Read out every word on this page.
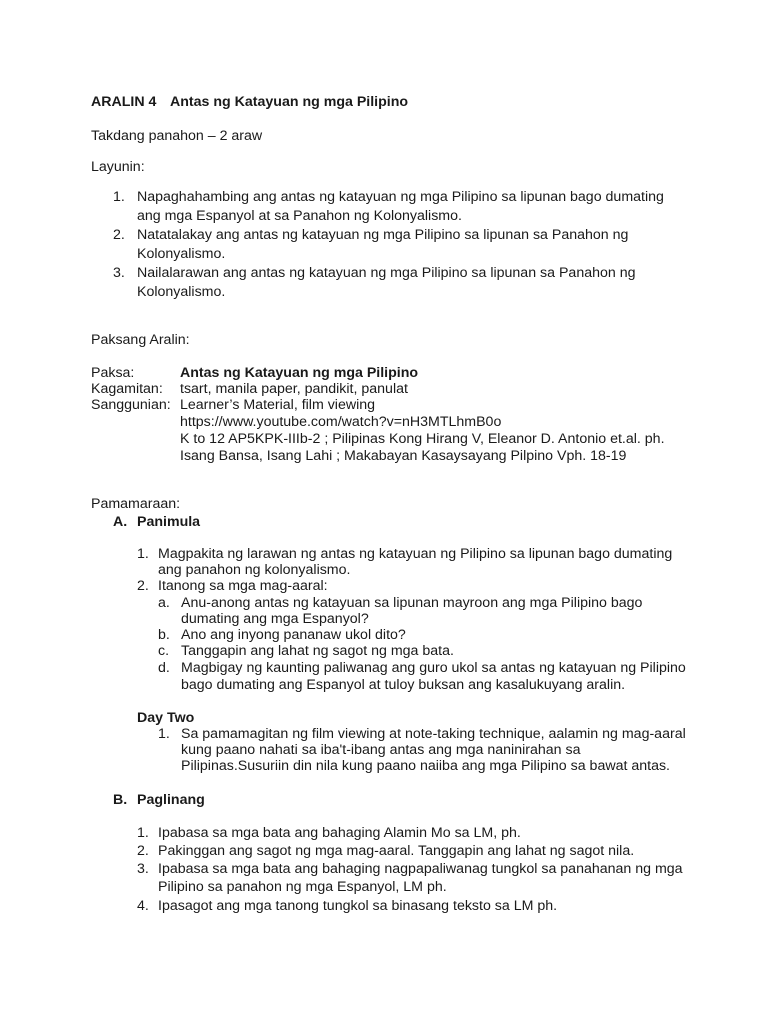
ARALIN 4 Antas ng Katayuan ng mga Pilipino
Takdang panahon – 2 araw
Layunin:
1. Napaghahambing ang antas ng katayuan ng mga Pilipino sa lipunan bago dumating
ang mga Espanyol at sa Panahon ng Kolonyalismo.
2. Natatalakay ang antas ng katayuan ng mga Pilipino sa lipunan sa Panahon ng
Kolonyalismo.
3. Nailalarawan ang antas ng katayuan ng mga Pilipino sa lipunan sa Panahon ng
Kolonyalismo.
Paksang Aralin:
Paksa:	Antas ng Katayuan ng mga Pilipino
Kagamitan: tsart, manila paper, pandikit, panulat
Sanggunian: Learner’s Material, film viewing
https://www.youtube.com/watch?v=nH3MTLhmB0o
K to 12 AP5KPK-IIIb-2 ; Pilipinas Kong Hirang V, Eleanor D. Antonio et.al. ph.
Isang Bansa, Isang Lahi ; Makabayan Kasaysayang Pilpino Vph. 18-19
Pamamaraan:
A. Panimula
1. Magpakita ng larawan ng antas ng katayuan ng Pilipino sa lipunan bago dumating
ang panahon ng kolonyalismo.
2. Itanong sa mga mag-aaral:
a. Anu-anong antas ng katayuan sa lipunan mayroon ang mga Pilipino bago
dumating ang mga Espanyol?
b. Ano ang inyong pananaw ukol dito?
c. Tanggapin ang lahat ng sagot ng mga bata.
d. Magbigay ng kaunting paliwanag ang guro ukol sa antas ng katayuan ng Pilipino
bago dumating ang Espanyol at tuloy buksan ang kasalukuyang aralin.
Day Two
1. Sa pamamagitan ng film viewing at note-taking technique, aalamin ng mag-aaral
kung paano nahati sa iba't-ibang antas ang mga naninirahan sa
Pilipinas.Susuriin din nila kung paano naiiba ang mga Pilipino sa bawat antas.
B. Paglinang
1. Ipabasa sa mga bata ang bahaging Alamin Mo sa LM, ph.
2. Pakinggan ang sagot ng mga mag-aaral. Tanggapin ang lahat ng sagot nila.
3. Ipabasa sa mga bata ang bahaging nagpapaliwanag tungkol sa panahanan ng mga
Pilipino sa panahon ng mga Espanyol, LM ph.
4. Ipasagot ang mga tanong tungkol sa binasang teksto sa LM ph.
